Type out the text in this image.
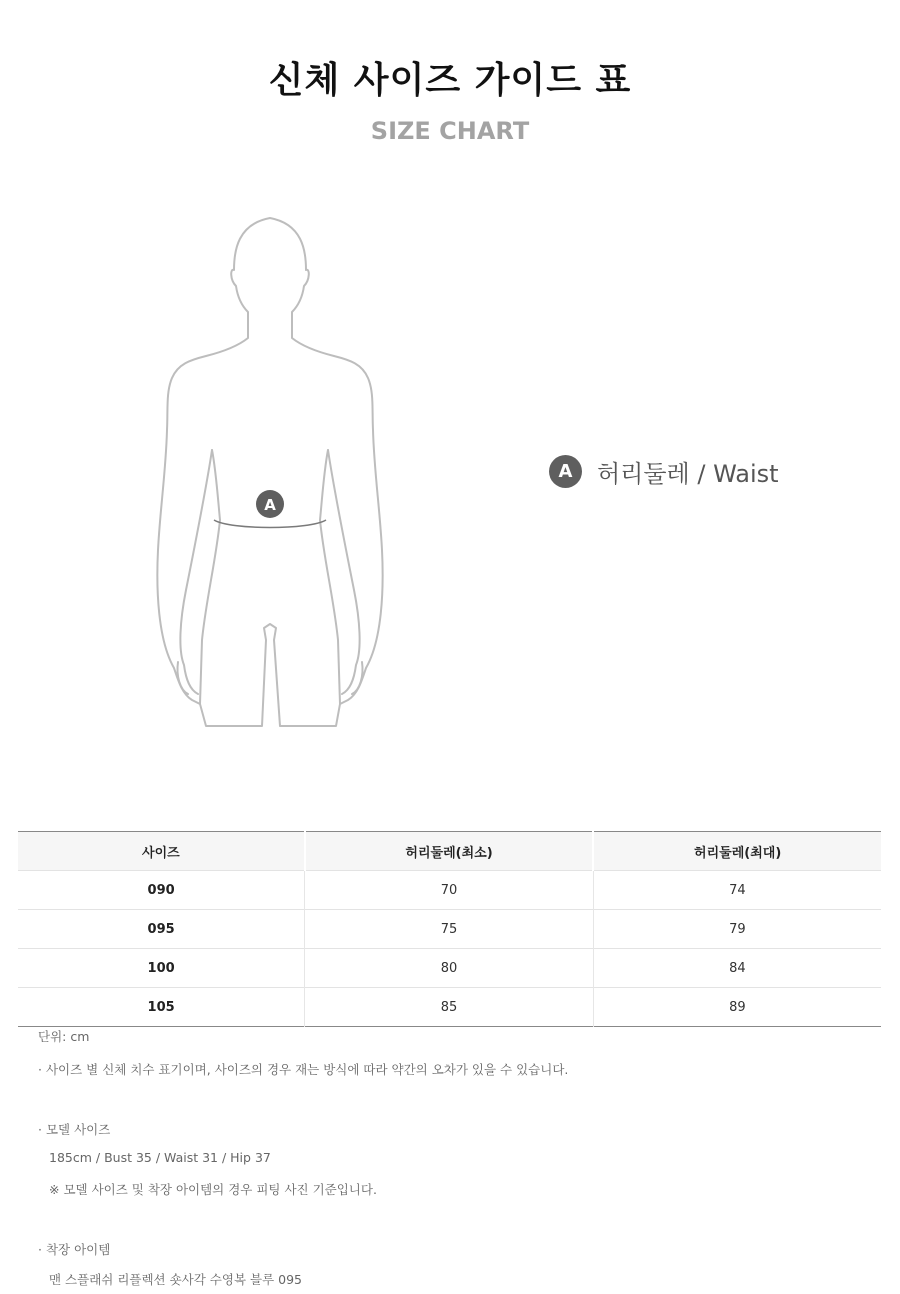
신체 사이즈 가이드 표
SIZE CHART
A
A	허리둘레 / Waist
사이즈	허리둘레(최소)	허리둘레(최대)
090	70	74
095	75	79
100	80	84
105	85	89
단위: cm
· 사이즈 별 신체 치수 표기이며, 사이즈의 경우 재는 방식에 따라 약간의 오차가 있을 수 있습니다.
· 모델 사이즈
185cm / Bust 35 / Waist 31 / Hip 37
※ 모델 사이즈 및 착장 아이템의 경우 피팅 사진 기준입니다.
· 착장 아이템
맨 스플래쉬 리플렉션 숏사각 수영복 블루 095
